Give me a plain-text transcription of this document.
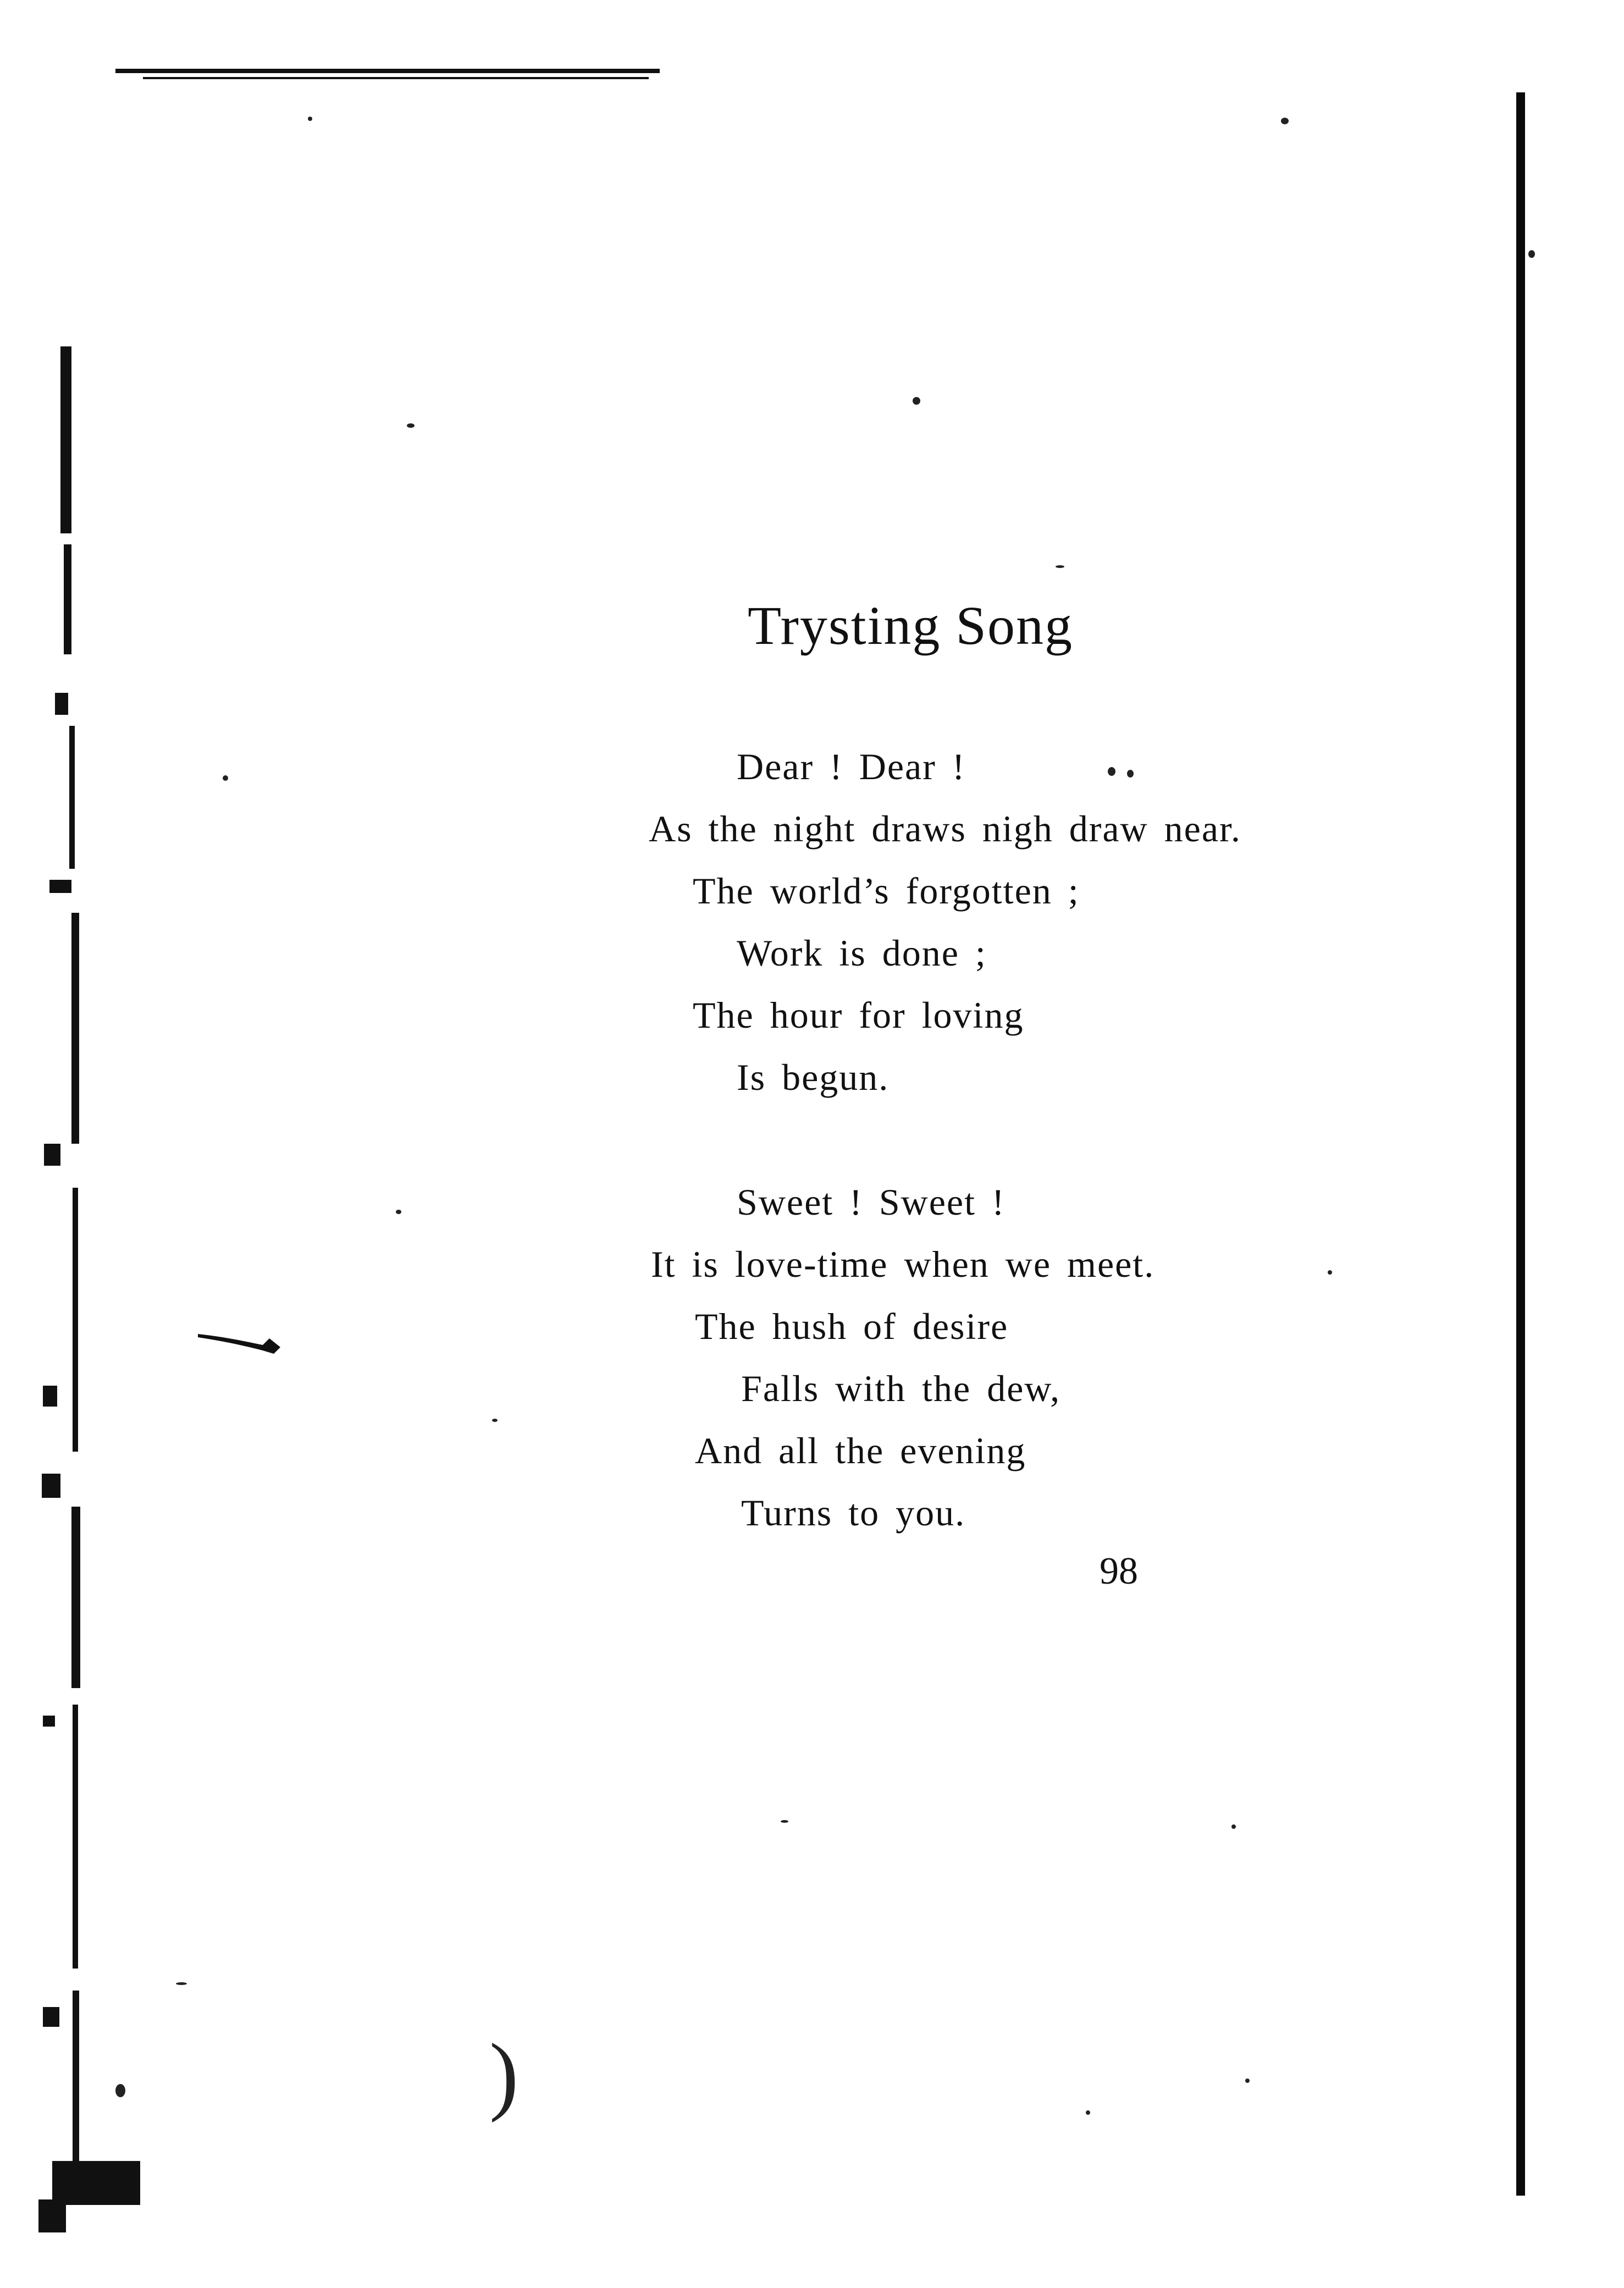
Trysting Song
Dear ! Dear !
As the night draws nigh draw near.
The world’s forgotten ;
Work is done ;
The hour for loving
Is begun.
Sweet ! Sweet !
It is love-time when we meet.
The hush of desire
Falls with the dew,
And all the evening
Turns to you.
98
)
